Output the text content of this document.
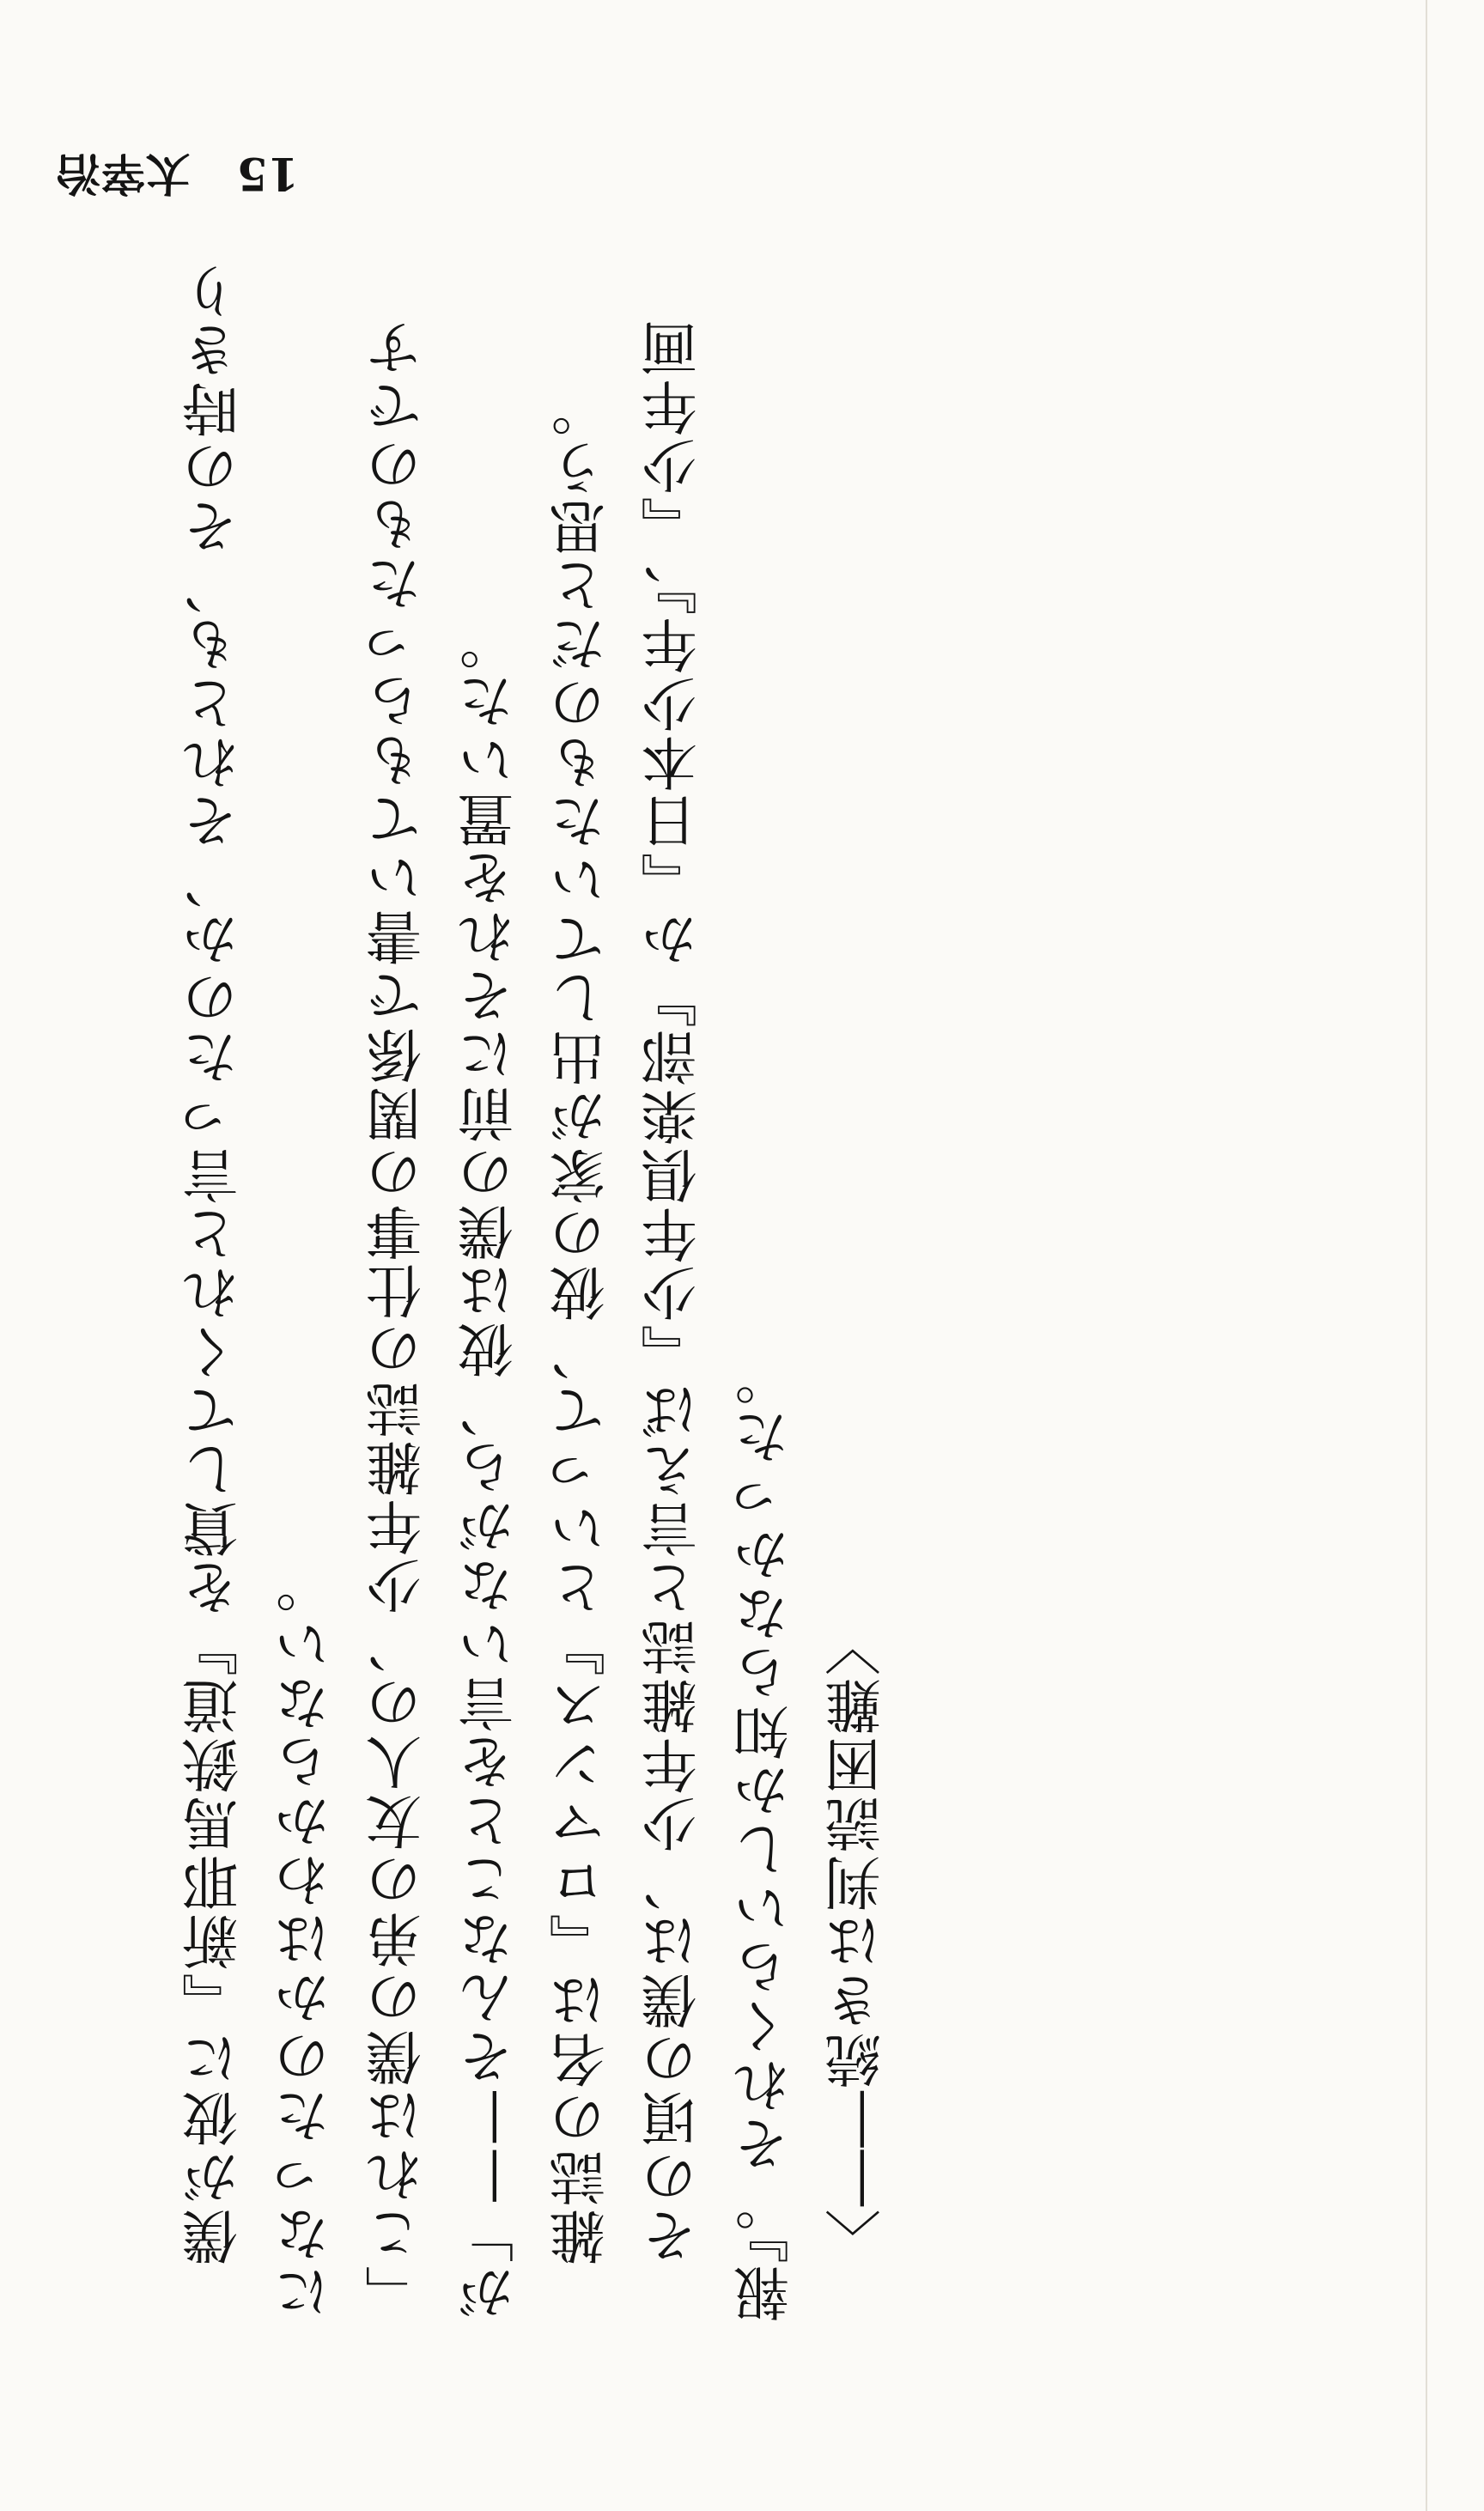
僕が彼に『新耶馬鉄道』を貸してくれと言ったのか、それとも、その時きりになったのかはわからない。 「これは僕の弟の友人の、少年雑誌の仕事の関係で書いてもらったものですが」——そんなことを言いながら、彼は僕の前にそれを置いた。 雑誌の名は『ロマンス』といって、彼の家が出していたものだと思う。 その頃の僕は、少年雑誌と言えば『少年倶楽部』か『日本少年』、『少年画報』。それくらいしか知らなかった。 〈――続きは判読困難〉

15 太宰治
